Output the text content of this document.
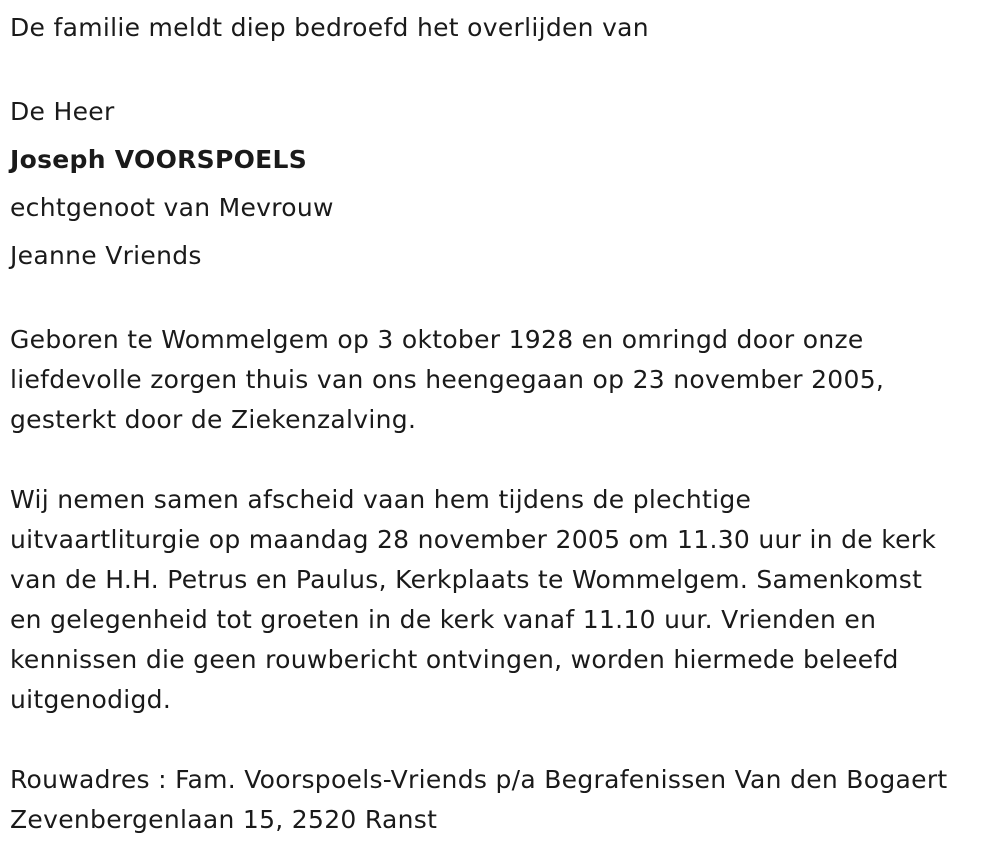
De familie meldt diep bedroefd het overlijden van
De Heer
Joseph VOORSPOELS
echtgenoot van Mevrouw
Jeanne Vriends
Geboren te Wommelgem op 3 oktober 1928 en omringd door onze
liefdevolle zorgen thuis van ons heengegaan op 23 november 2005,
gesterkt door de Ziekenzalving.
Wij nemen samen afscheid vaan hem tijdens de plechtige
uitvaartliturgie op maandag 28 november 2005 om 11.30 uur in de kerk
van de H.H. Petrus en Paulus, Kerkplaats te Wommelgem. Samenkomst
en gelegenheid tot groeten in de kerk vanaf 11.10 uur. Vrienden en
kennissen die geen rouwbericht ontvingen, worden hiermede beleefd
uitgenodigd.
Rouwadres : Fam. Voorspoels-Vriends p/a Begrafenissen Van den Bogaert
Zevenbergenlaan 15, 2520 Ranst
